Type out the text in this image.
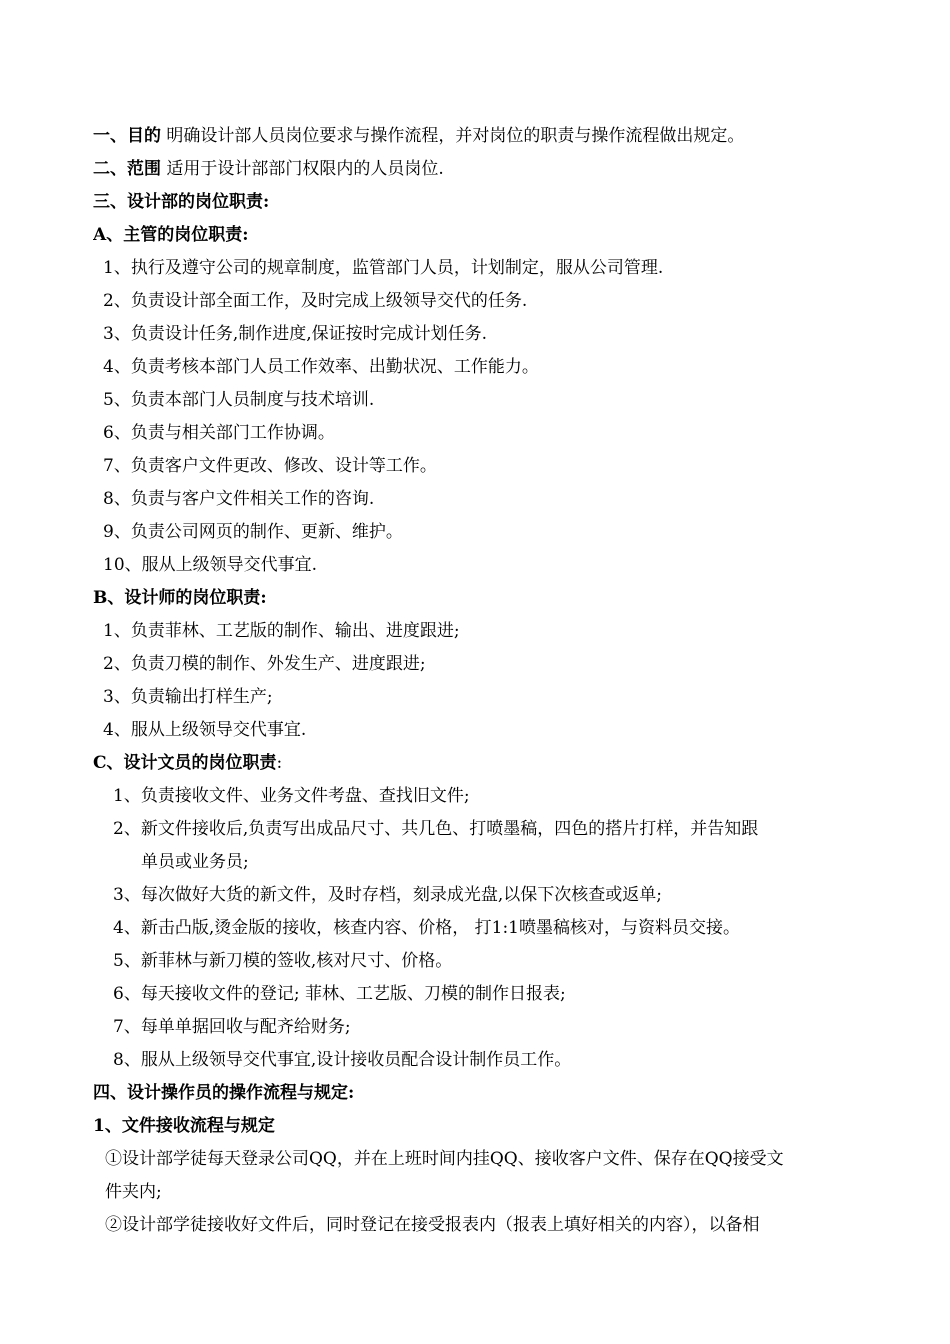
一、目的 明确设计部人员岗位要求与操作流程，并对岗位的职责与操作流程做出规定。
二、范围 适用于设计部部门权限内的人员岗位.
三、设计部的岗位职责:
A、主管的岗位职责:
1、执行及遵守公司的规章制度，监管部门人员，计划制定，服从公司管理.
2、负责设计部全面工作，及时完成上级领导交代的任务.
3、负责设计任务,制作进度,保证按时完成计划任务.
4、负责考核本部门人员工作效率、出勤状况、工作能力。
5、负责本部门人员制度与技术培训.
6、负责与相关部门工作协调。
7、负责客户文件更改、修改、设计等工作。
8、负责与客户文件相关工作的咨询.
9、负责公司网页的制作、更新、维护。
10、服从上级领导交代事宜.
B、设计师的岗位职责:
1、负责菲林、工艺版的制作、输出、进度跟进;
2、负责刀模的制作、外发生产、进度跟进;
3、负责输出打样生产;
4、服从上级领导交代事宜.
C、设计文员的岗位职责:
1、负责接收文件、业务文件考盘、查找旧文件;
2、新文件接收后,负责写出成品尺寸、共几色、打喷墨稿，四色的搭片打样，并告知跟
单员或业务员;
3、每次做好大货的新文件，及时存档，刻录成光盘,以保下次核查或返单;
4、新击凸版,烫金版的接收，核查内容、价格， 打1:1喷墨稿核对，与资料员交接。
5、新菲林与新刀模的签收,核对尺寸、价格。
6、每天接收文件的登记; 菲林、工艺版、刀模的制作日报表;
7、每单单据回收与配齐给财务;
8、服从上级领导交代事宜,设计接收员配合设计制作员工作。
四、设计操作员的操作流程与规定:
1、文件接收流程与规定
①设计部学徒每天登录公司QQ，并在上班时间内挂QQ、接收客户文件、保存在QQ接受文
件夹内;
②设计部学徒接收好文件后，同时登记在接受报表内（报表上填好相关的内容），以备相
